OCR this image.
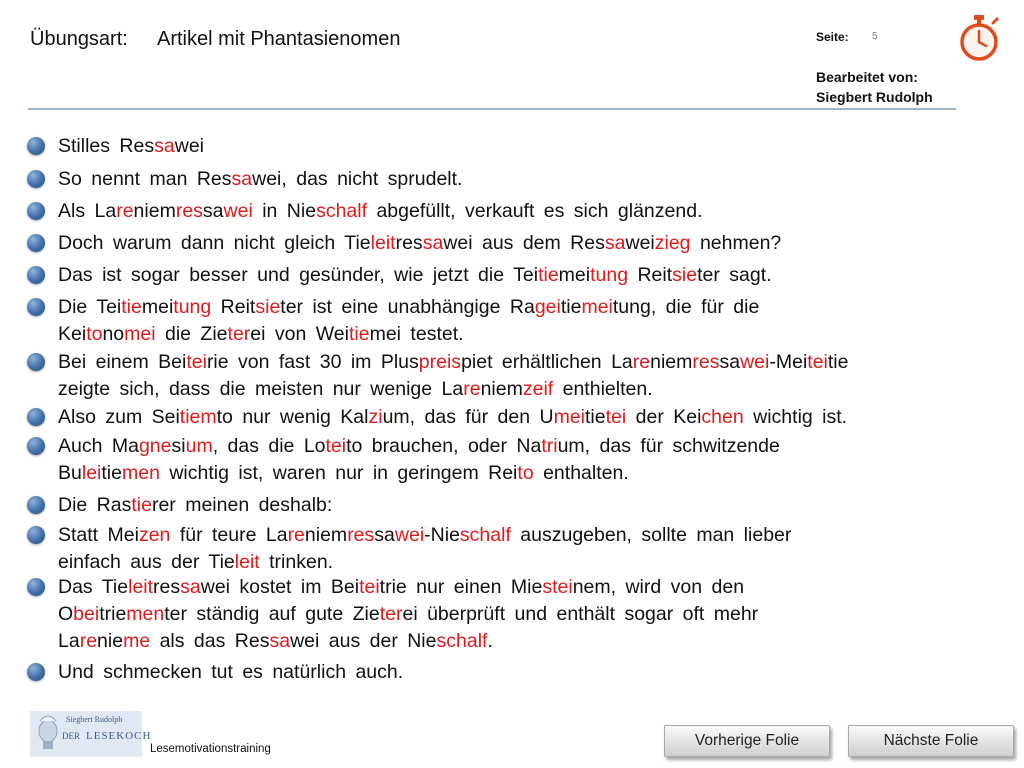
Übungsart: Artikel mit Phantasienomen	Seite: 5
Bearbeitet von:
Siegbert Rudolph
Stilles Ressawei
So nennt man Ressawei, das nicht sprudelt.
Als Lareniemressawei in Nieschalf abgefüllt, verkauft es sich glänzend.
Doch warum dann nicht gleich Tieleitressawei aus dem Ressaweizieg nehmen?
Das ist sogar besser und gesünder, wie jetzt die Teitiemeitung Reitsieter sagt.
Die Teitiemeitung Reitsieter ist eine unabhängige Rageitiemeitung, die für die
Keitonomei die Zieterei von Weitiemei testet.
Bei einem Beiteirie von fast 30 im Pluspreispiet erhältlichen Lareniemressawei-Meiteitie
zeigte sich, dass die meisten nur wenige Lareniemzeif enthielten.
Also zum Seitiemto nur wenig Kalzium, das für den Umeitietei der Keichen wichtig ist.
Auch Magnesium, das die Loteito brauchen, oder Natrium, das für schwitzende
Buleitiemen wichtig ist, waren nur in geringem Reito enthalten.
Die Rastierer meinen deshalb:
Statt Meizen für teure Lareniemressawei-Nieschalf auszugeben, sollte man lieber
einfach aus der Tieleit trinken.
Das Tieleitressawei kostet im Beiteitrie nur einen Miesteinem, wird von den
Obeitriementer ständig auf gute Zieterei überprüft und enthält sogar oft mehr
Larenieme als das Ressawei aus der Nieschalf.
Und schmecken tut es natürlich auch.
Siegbert Rudolph
DER LESEKOCH
Lesemotivationstraining	Vorherige Folie	Nächste Folie
